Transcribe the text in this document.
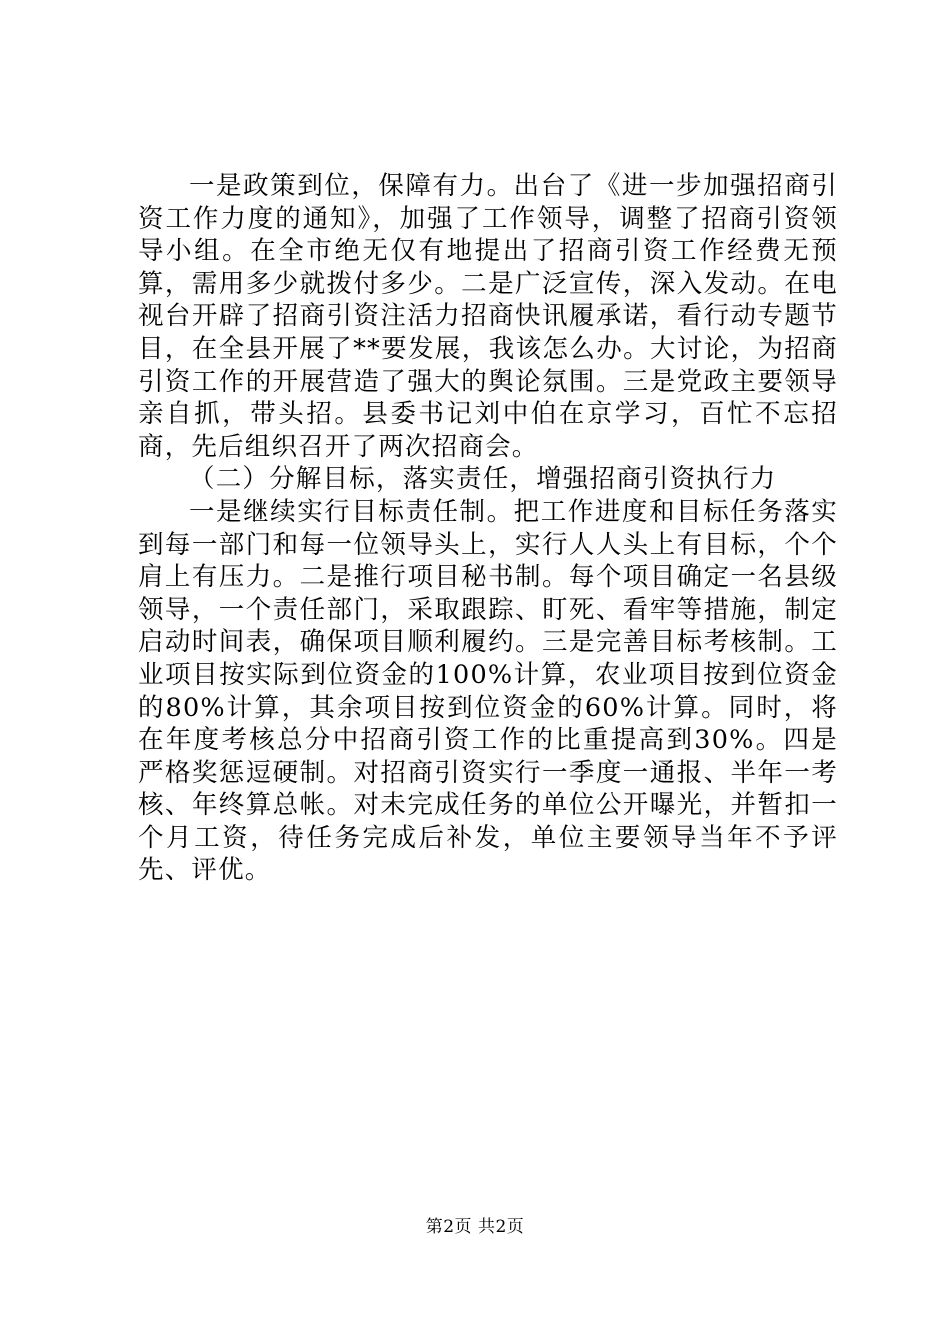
一是政策到位，保障有力。出台了《进一步加强招商引资工作力度的通知》，加强了工作领导，调整了招商引资领导小组。在全市绝无仅有地提出了招商引资工作经费无预算，需用多少就拨付多少。二是广泛宣传，深入发动。在电视台开辟了招商引资注活力招商快讯履承诺，看行动专题节目，在全县开展了**要发展，我该怎么办。大讨论，为招商引资工作的开展营造了强大的舆论氛围。三是党政主要领导亲自抓，带头招。县委书记刘中伯在京学习，百忙不忘招商，先后组织召开了两次招商会。

（二）分解目标，落实责任，增强招商引资执行力

一是继续实行目标责任制。把工作进度和目标任务落实到每一部门和每一位领导头上，实行人人头上有目标，个个肩上有压力。二是推行项目秘书制。每个项目确定一名县级领导，一个责任部门，采取跟踪、盯死、看牢等措施，制定启动时间表，确保项目顺利履约。三是完善目标考核制。工业项目按实际到位资金的100%计算，农业项目按到位资金的80%计算，其余项目按到位资金的60%计算。同时，将在年度考核总分中招商引资工作的比重提高到30%。四是严格奖惩逗硬制。对招商引资实行一季度一通报、半年一考核、年终算总帐。对未完成任务的单位公开曝光，并暂扣一个月工资，待任务完成后补发，单位主要领导当年不予评先、评优。

第2页 共2页
